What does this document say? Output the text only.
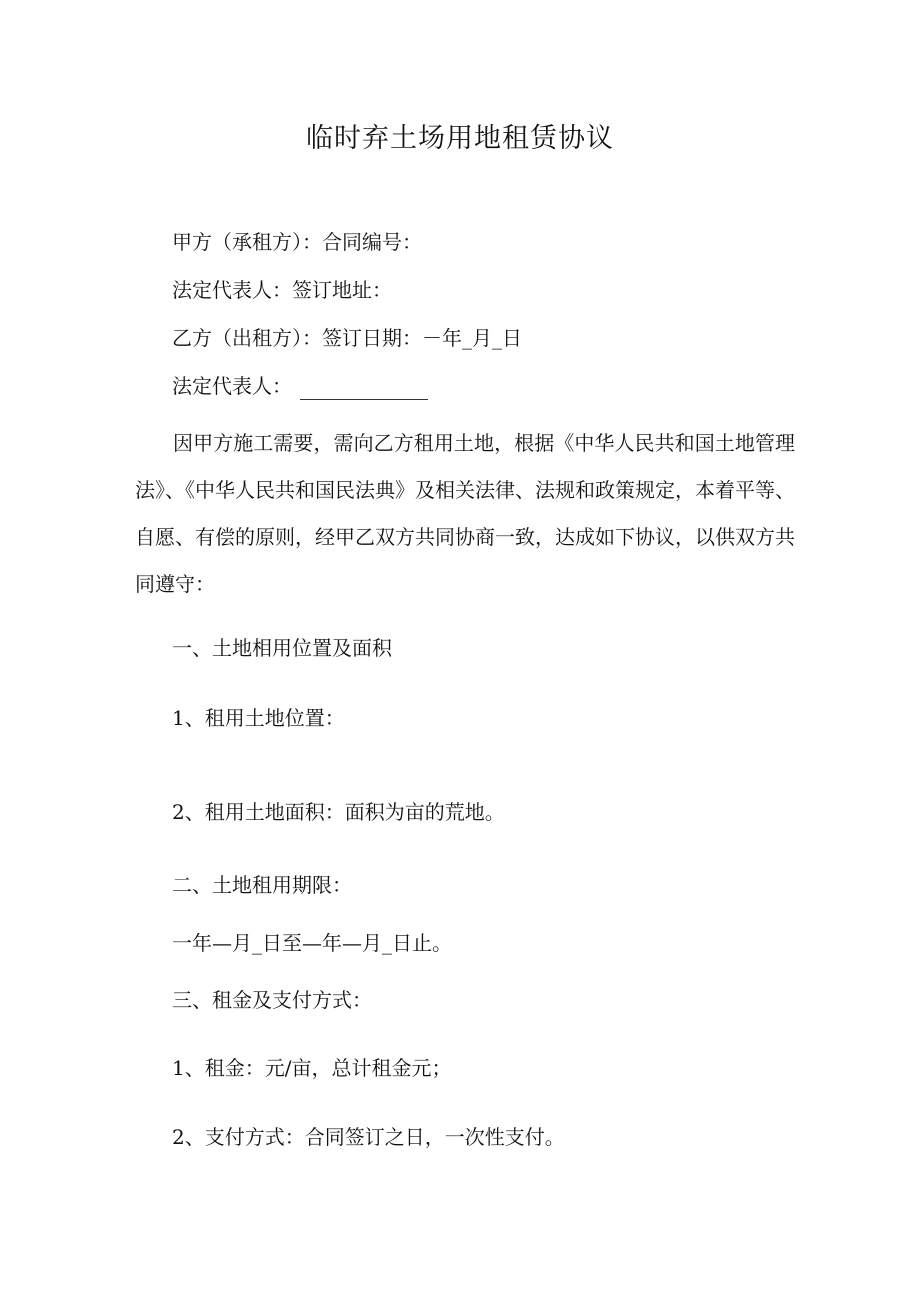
临时弃土场用地租赁协议
甲方（承租方）：合同编号：
法定代表人：签订地址：
乙方（出租方）：签订日期：－年_月_日
法定代表人：
因甲方施工需要，需向乙方租用土地，根据《中华人民共和国土地管理法》、《中华人民共和国民法典》及相关法律、法规和政策规定，本着平等、自愿、有偿的原则，经甲乙双方共同协商一致，达成如下协议，以供双方共同遵守：
一、土地相用位置及面积
1、租用土地位置：
2、租用土地面积：面积为亩的荒地。
二、土地租用期限：
一年—月_日至—年—月_日止。
三、租金及支付方式：
1、租金：元/亩，总计租金元；
2、支付方式：合同签订之日，一次性支付。
